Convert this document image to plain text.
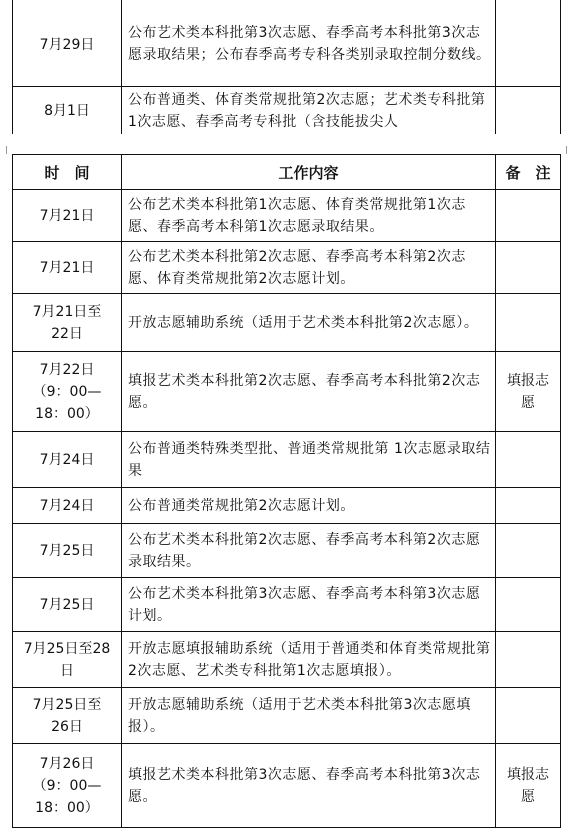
7月29日	公布艺术类本科批第3次志愿、春季高考本科批第3次志愿录取结果；公布春季高考专科各类别录取控制分数线。	
8月1日	公布普通类、体育类常规批第2次志愿；艺术类专科批第1次志愿、春季高考专科批（含技能拔尖人	
时　间	工作内容	备　注
7月21日	公布艺术类本科批第1次志愿、体育类常规批第1次志愿、春季高考本科第1次志愿录取结果。	
7月21日	公布艺术类本科批第2次志愿、春季高考本科第2次志愿、体育类常规批第2次志愿计划。	
7月21日至22日	开放志愿辅助系统（适用于艺术类本科批第2次志愿）。	
7月22日（9：00—18：00）	填报艺术类本科批第2次志愿、春季高考本科批第2次志愿。	填报志愿
7月24日	公布普通类特殊类型批、普通类常规批第 1次志愿录取结果	
7月24日	公布普通类常规批第2次志愿计划。	
7月25日	公布艺术类本科批第2次志愿、春季高考本科第2次志愿录取结果。	
7月25日	公布艺术类本科批第3次志愿、春季高考本科第3次志愿计划。	
7月25日至28日	开放志愿填报辅助系统（适用于普通类和体育类常规批第2次志愿、艺术类专科批第1次志愿填报）。	
7月25日至26日	开放志愿辅助系统（适用于艺术类本科批第3次志愿填报）。	
7月26日（9：00—18：00）	填报艺术类本科批第3次志愿、春季高考本科批第3次志愿。	填报志愿
